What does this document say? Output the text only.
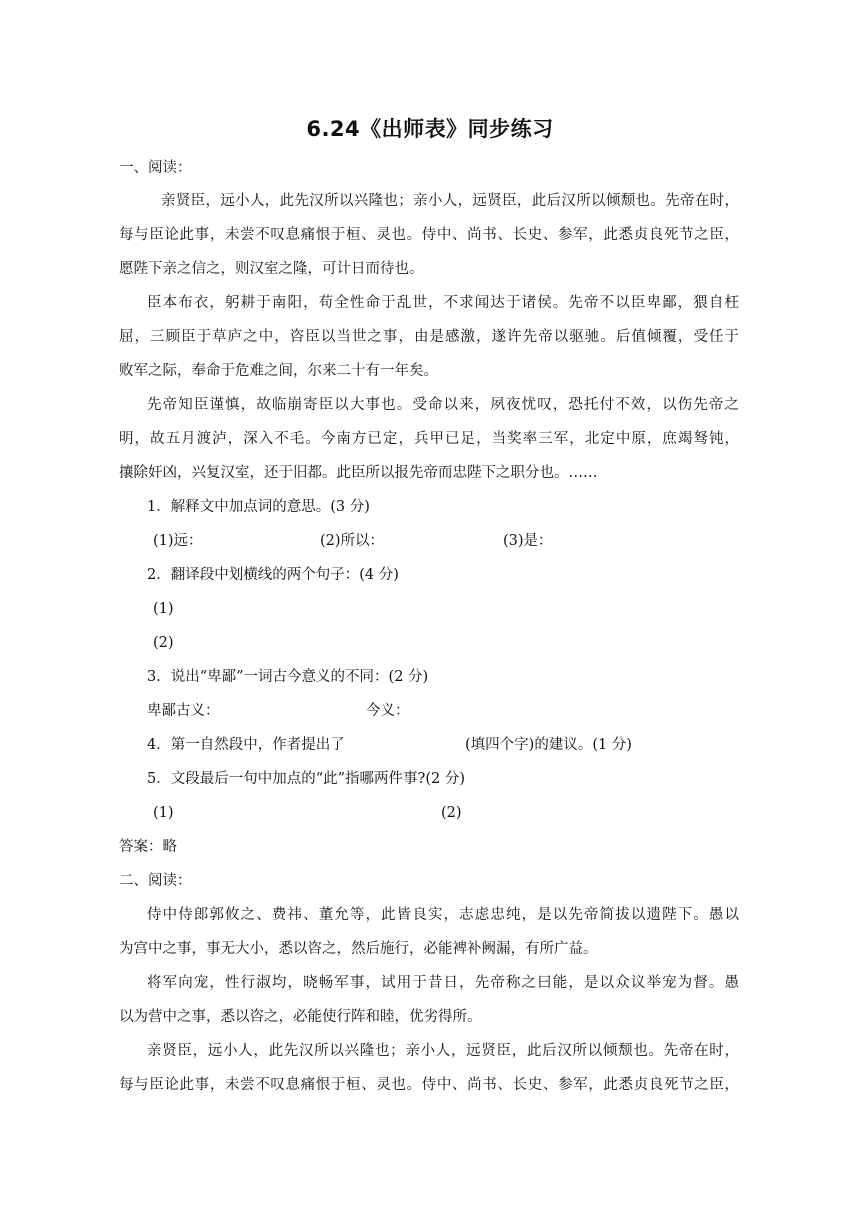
6.24《出师表》同步练习
一、阅读：
亲贤臣，远小人，此先汉所以兴隆也；亲小人，远贤臣，此后汉所以倾颓也。先帝在时，
每与臣论此事，未尝不叹息痛恨于桓、灵也。侍中、尚书、长史、参军，此悉贞良死节之臣，
愿陛下亲之信之，则汉室之隆，可计日而待也。
臣本布衣，躬耕于南阳，苟全性命于乱世，不求闻达于诸侯。先帝不以臣卑鄙，猥自枉
屈，三顾臣于草庐之中，咨臣以当世之事，由是感激，遂许先帝以驱驰。后值倾覆，受任于
败军之际，奉命于危难之间，尔来二十有一年矣。
先帝知臣谨慎，故临崩寄臣以大事也。受命以来，夙夜忧叹，恐托付不效，以伤先帝之
明，故五月渡泸，深入不毛。今南方已定，兵甲已足，当奖率三军，北定中原，庶竭驽钝，
攘除奸凶，兴复汉室，还于旧都。此臣所以报先帝而忠陛下之职分也。……
1．解释文中加点词的意思。(3 分)
(1)远：	(2)所以：	(3)是：
2．翻译段中划横线的两个句子：(4 分)
(1)
(2)
3．说出“卑鄙”一词古今意义的不同：(2 分)
卑鄙古义：	今义：
4．第一自然段中，作者提出了	(填四个字)的建议。(1 分)
5．文段最后一句中加点的“此”指哪两件事?(2 分)
(1)	(2)
答案：略
二、阅读：
侍中侍郎郭攸之、费祎、董允等，此皆良实，志虑忠纯，是以先帝简拔以遗陛下。愚以
为宫中之事，事无大小，悉以咨之，然后施行，必能裨补阙漏，有所广益。
将军向宠，性行淑均，晓畅军事，试用于昔日，先帝称之曰能，是以众议举宠为督。愚
以为营中之事，悉以咨之，必能使行阵和睦，优劣得所。
亲贤臣，远小人，此先汉所以兴隆也；亲小人，远贤臣，此后汉所以倾颓也。先帝在时，
每与臣论此事，未尝不叹息痛恨于桓、灵也。侍中、尚书、长史、参军，此悉贞良死节之臣，
